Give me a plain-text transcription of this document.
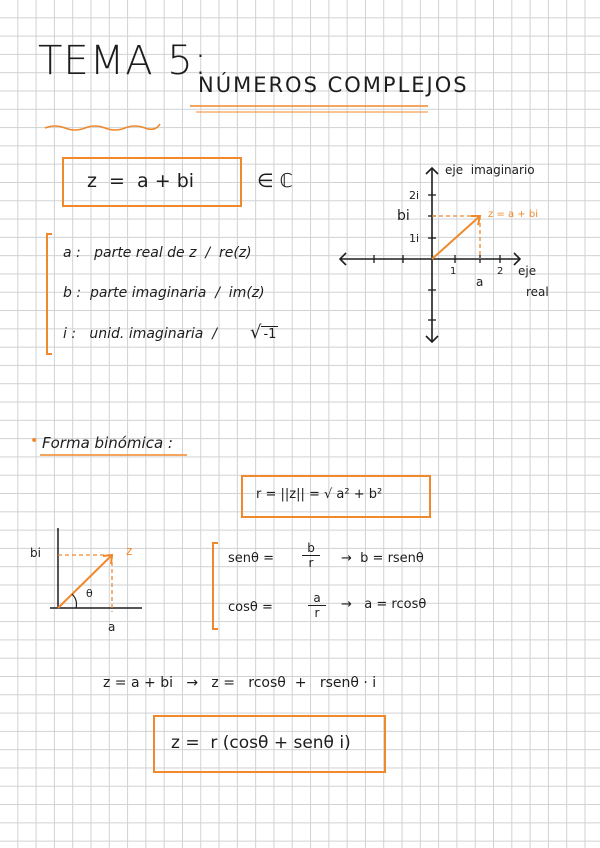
TEMA 5:
NÚMEROS COMPLEJOS
z  =  a + bi	∈ ℂ
a :   parte real de z  /  re(z)
b :  parte imaginaria  /  im(z)
i :   unid. imaginaria  / √ -1
eje  imaginario
eje
real
2i
bi
1i
1	2
a
z = a + bi
• Forma binómica :
r = ||z|| = √ a² + b²
bi	z
θ
a
$sen\theta = \frac{b}{r} \to b$ = rsenθ
cosθ =	$\frac{a}{r} \to a = rcos\theta$
z = a + bi   →   z =   rcosθ  +   rsenθ · i
z =  r (cosθ + senθ i)
